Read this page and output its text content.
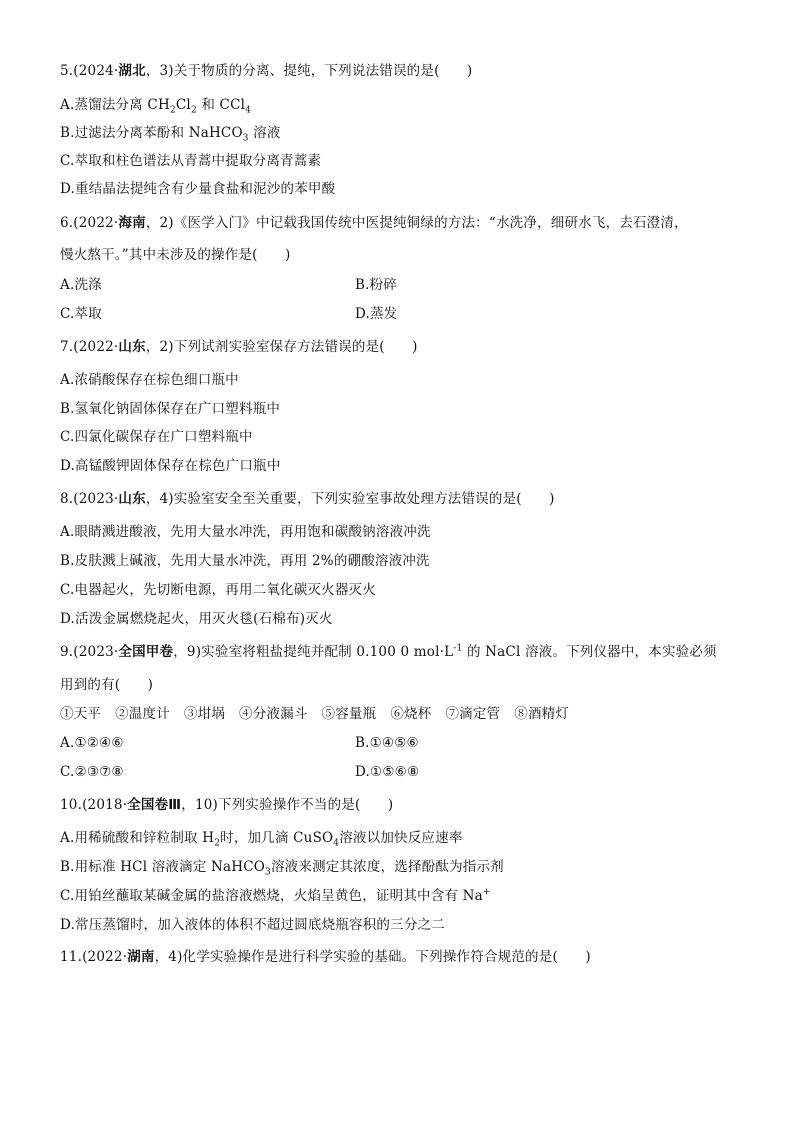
5.(2024·湖北，3)关于物质的分离、提纯，下列说法错误的是(　　)
A.蒸馏法分离 $CH_2Cl_2$ 和 CCl$_4$
B.过滤法分离苯酚和 NaHCO$_3$ 溶液
C.萃取和柱色谱法从青蒿中提取分离青蒿素
D.重结晶法提纯含有少量食盐和泥沙的苯甲酸
6.(2022·海南，2)《医学入门》中记载我国传统中医提纯铜绿的方法：“水洗净，细研水飞，去石澄清，
慢火熬干。”其中未涉及的操作是(　　)
A.洗涤	B.粉碎
C.萃取	D.蒸发
7.(2022·山东，2)下列试剂实验室保存方法错误的是(　　)
A.浓硝酸保存在棕色细口瓶中
B.氢氧化钠固体保存在广口塑料瓶中
C.四氯化碳保存在广口塑料瓶中
D.高锰酸钾固体保存在棕色广口瓶中
8.(2023·山东，4)实验室安全至关重要，下列实验室事故处理方法错误的是(　　)
A.眼睛溅进酸液，先用大量水冲洗，再用饱和碳酸钠溶液冲洗
B.皮肤溅上碱液，先用大量水冲洗，再用 2%的硼酸溶液冲洗
C.电器起火，先切断电源，再用二氧化碳灭火器灭火
D.活泼金属燃烧起火，用灭火毯(石棉布)灭火
9.(2023·全国甲卷，9)实验室将粗盐提纯并配制 0.100 0 $mol\cdot L^{-1}$ 的 NaCl 溶液。下列仪器中，本实验必须
用到的有(　　)
①天平 ②温度计 ③坩埚 ④分液漏斗 ⑤容量瓶 ⑥烧杯 ⑦滴定管 ⑧酒精灯
A.①②④⑥	B.①④⑤⑥
C.②③⑦⑧	D.①⑤⑥⑧
10.(2018·全国卷Ⅲ，10)下列实验操作不当的是(　　)
A.用稀硫酸和锌粒制取 $H_2$时，加几滴 CuSO$_4$溶液以加快反应速率
B.用标准 HCl 溶液滴定 NaHCO$_3$溶液来测定其浓度，选择酚酞为指示剂
C.用铂丝蘸取某碱金属的盐溶液燃烧，火焰呈黄色，证明其中含有 Na+
D.常压蒸馏时，加入液体的体积不超过圆底烧瓶容积的三分之二
11.(2022·湖南，4)化学实验操作是进行科学实验的基础。下列操作符合规范的是(　　)
